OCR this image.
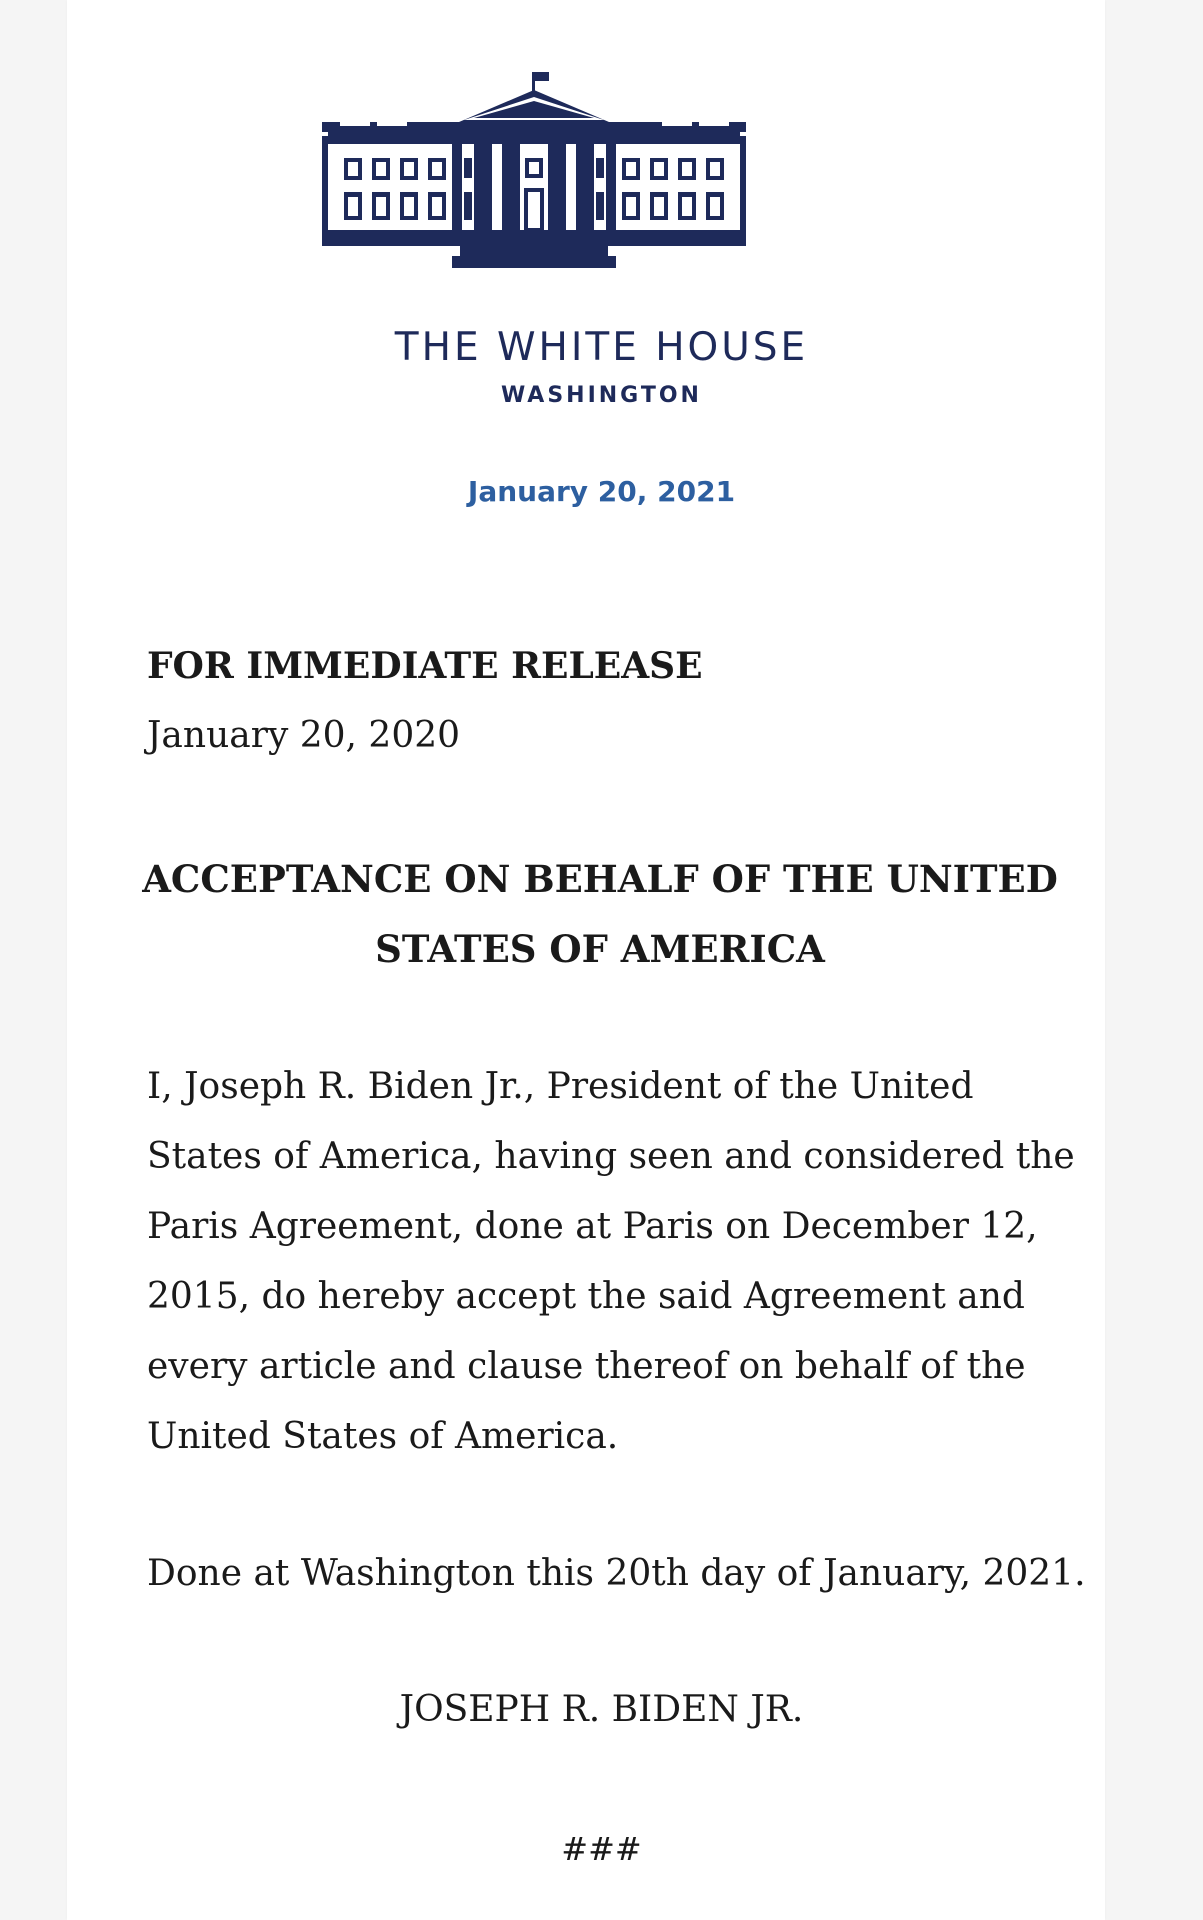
THE WHITE HOUSE
WASHINGTON
January 20, 2021
FOR IMMEDIATE RELEASE
January 20, 2020
ACCEPTANCE ON BEHALF OF THE UNITED
STATES OF AMERICA
I, Joseph R. Biden Jr., President of the United
States of America, having seen and considered the
Paris Agreement, done at Paris on December 12,
2015, do hereby accept the said Agreement and
every article and clause thereof on behalf of the
United States of America.
Done at Washington this 20th day of January, 2021.
JOSEPH R. BIDEN JR.
###
